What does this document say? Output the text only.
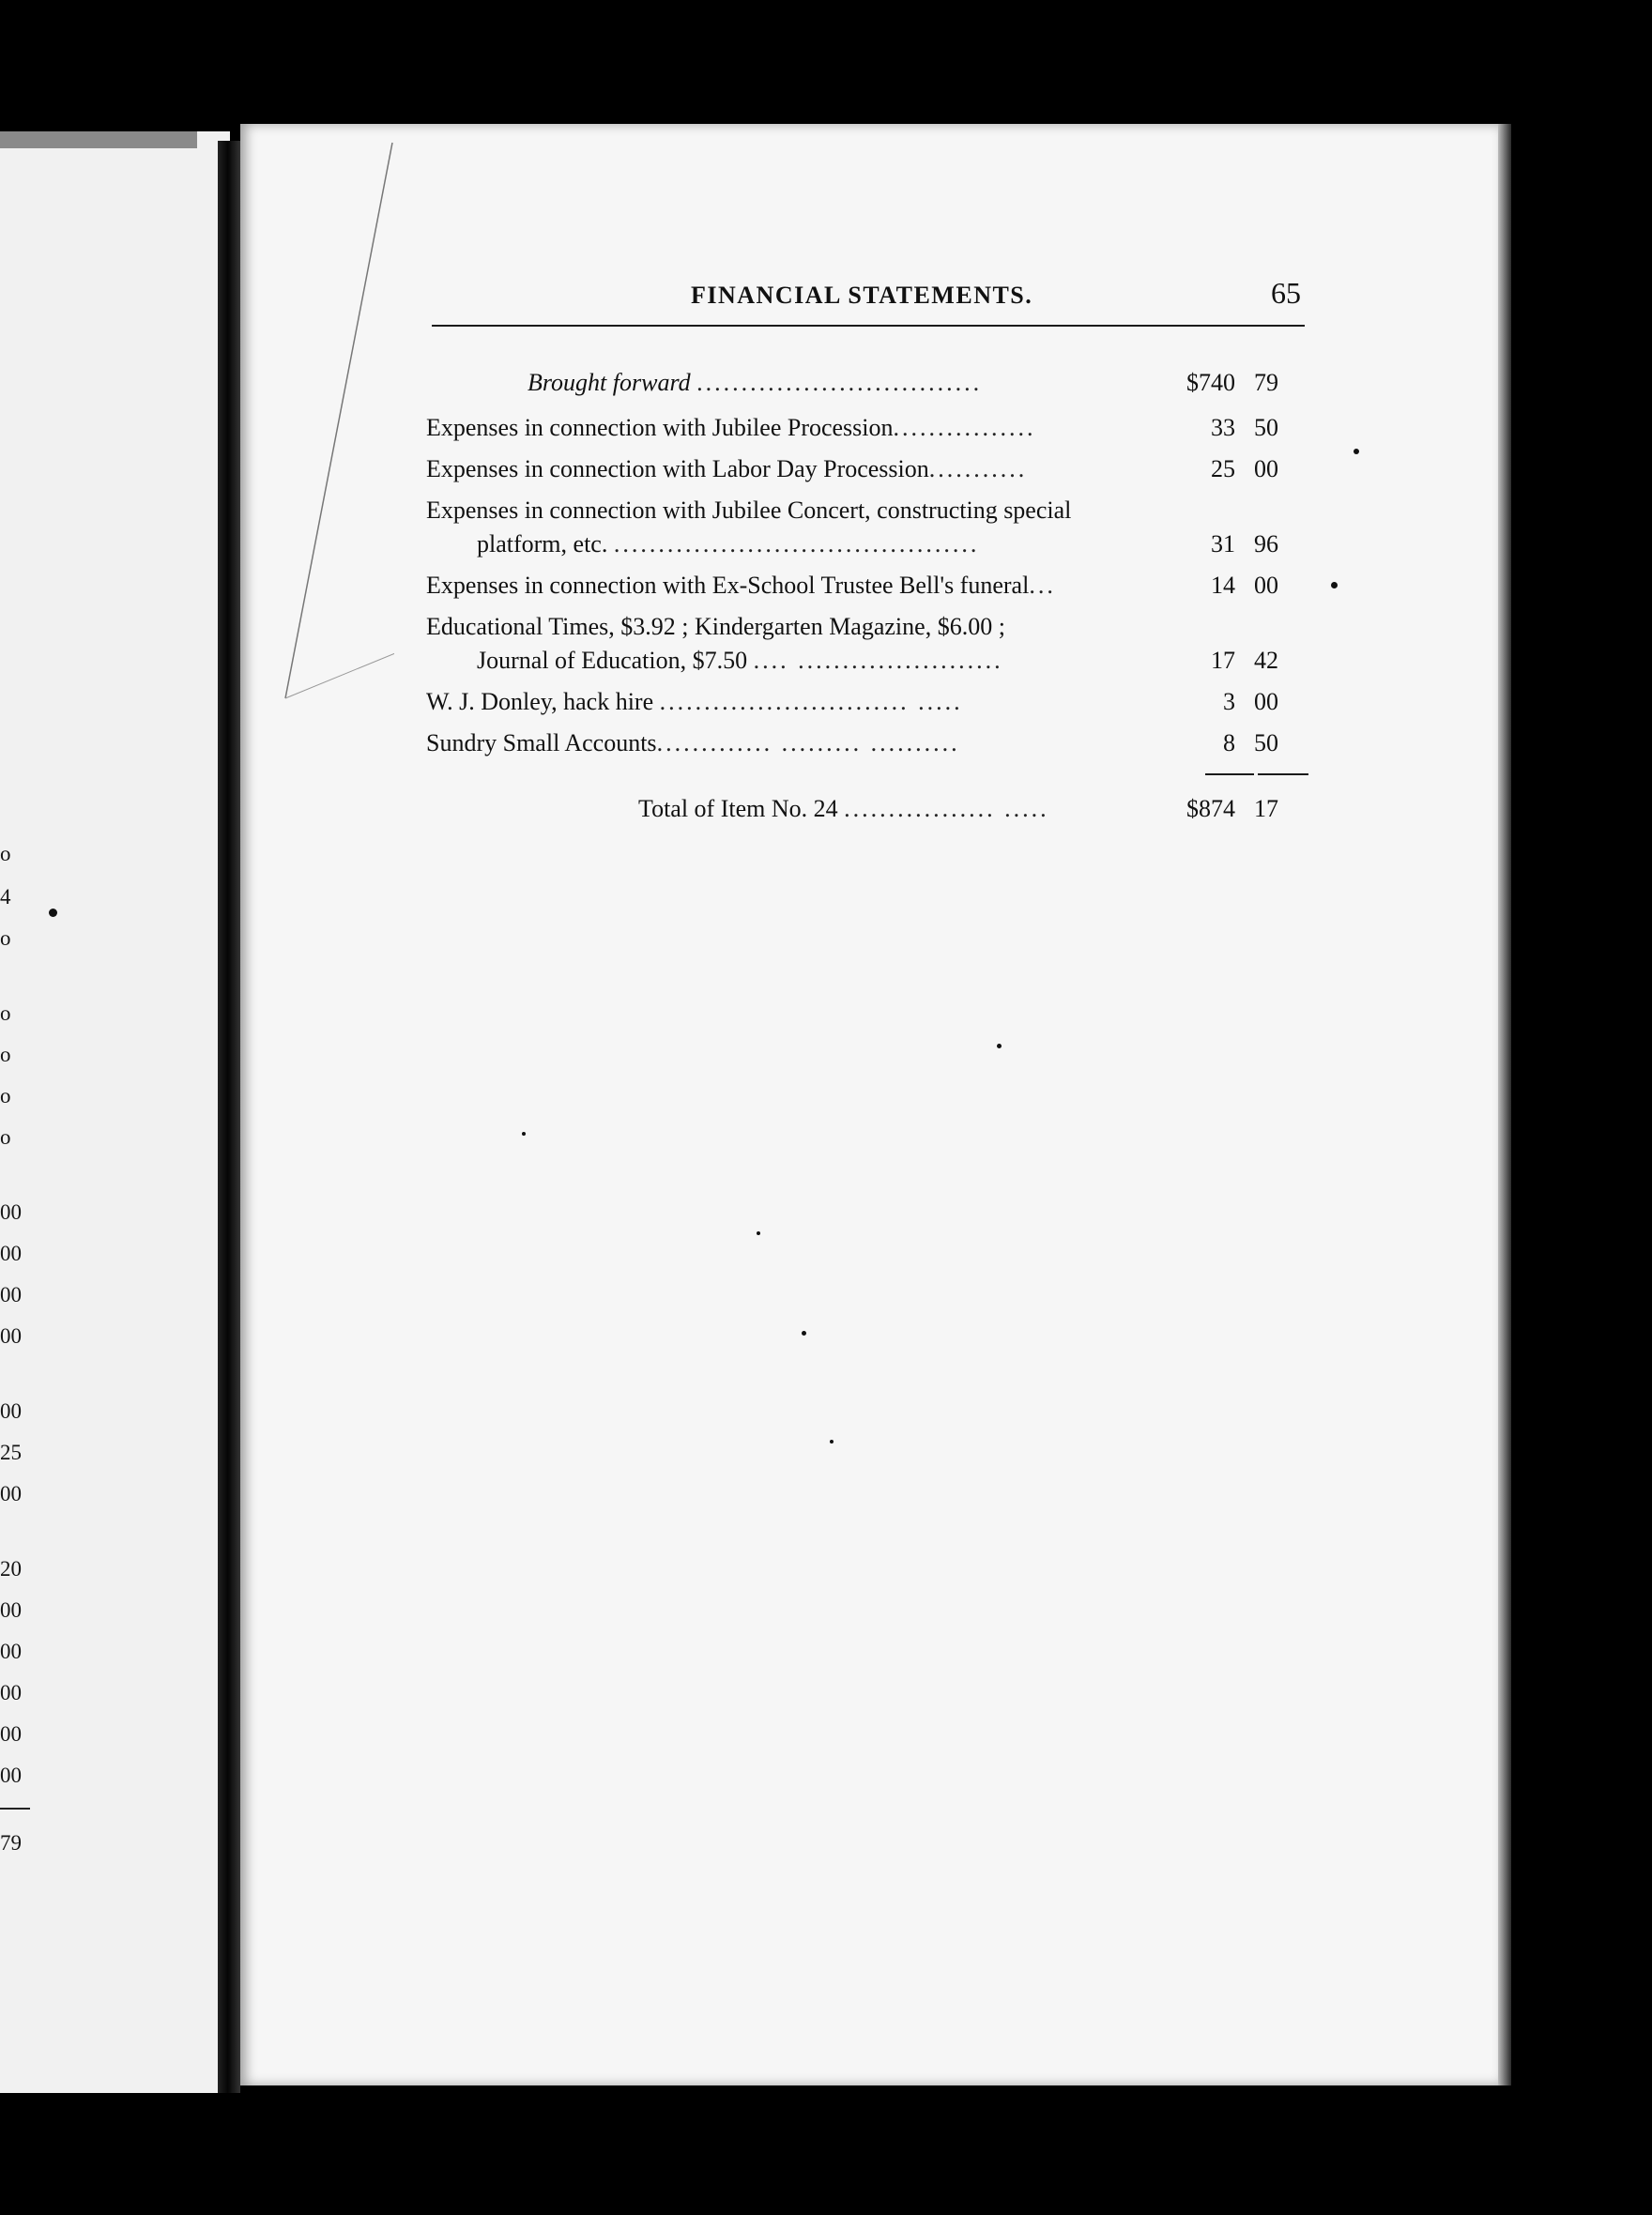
o
4
o
o
o
o
o
00
00
00
00
00
25
00
20
00
00
00
00
00
79
FINANCIAL STATEMENTS.	65
Brought forward ................................	$740 79
Expenses in connection with Jubilee Procession................	33 50
Expenses in connection with Labor Day Procession...........	25 00
Expenses in connection with Jubilee Concert, constructing special
platform, etc. .........................................	31 96
Expenses in connection with Ex-School Trustee Bell's funeral...	14 00
Educational Times, $3.92 ; Kindergarten Magazine, $6.00 ;
Journal of Education, $7.50 .... .......................	17 42
W. J. Donley, hack hire ............................ .....	3 00
Sundry Small Accounts............. ......... ..........	8 50
Total of Item No. 24 ................. .....	$874 17
